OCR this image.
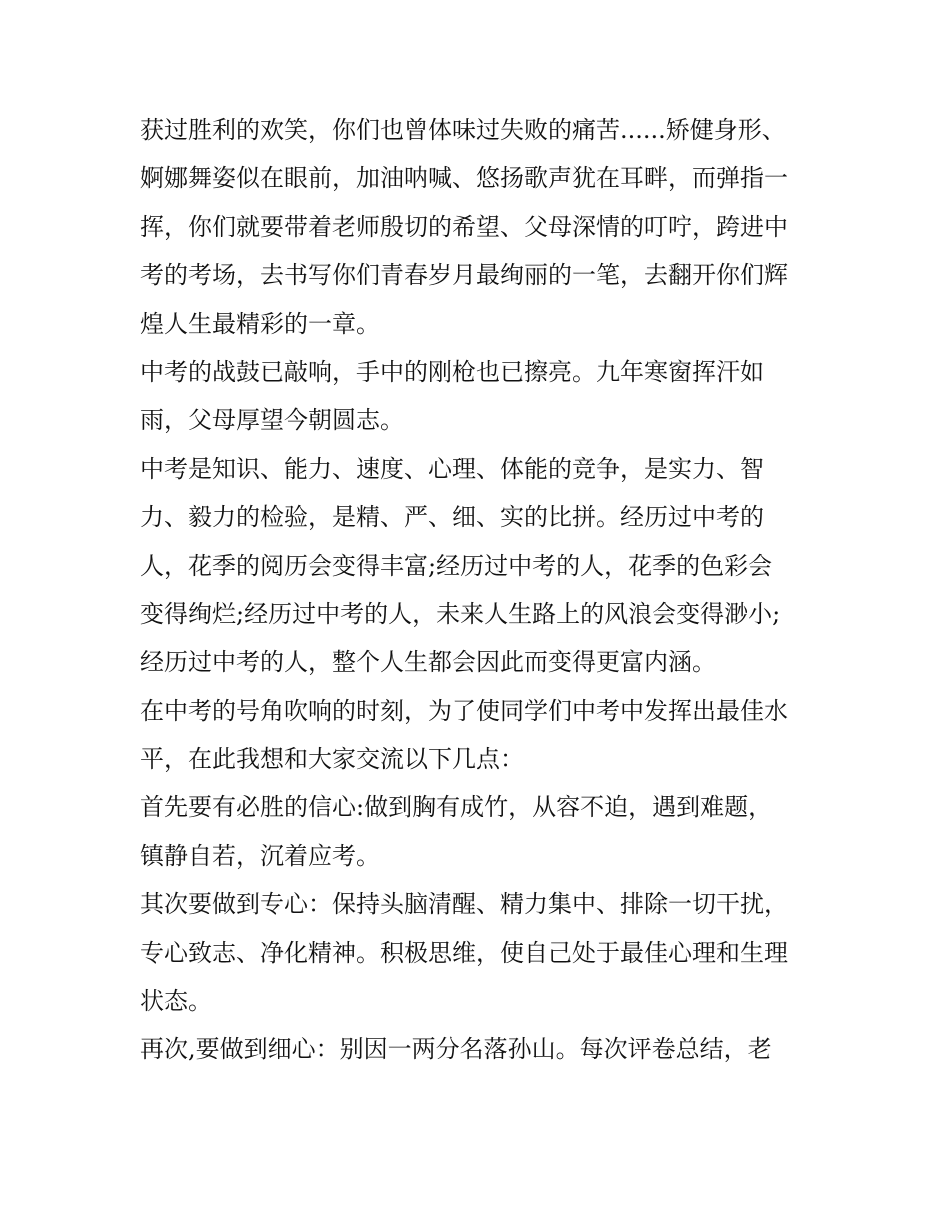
获过胜利的欢笑，你们也曾体味过失败的痛苦......矫健身形、
婀娜舞姿似在眼前，加油呐喊、悠扬歌声犹在耳畔，而弹指一
挥，你们就要带着老师殷切的希望、父母深情的叮咛，跨进中
考的考场，去书写你们青春岁月最绚丽的一笔，去翻开你们辉
煌人生最精彩的一章。
中考的战鼓已敲响，手中的刚枪也已擦亮。九年寒窗挥汗如
雨，父母厚望今朝圆志。
中考是知识、能力、速度、心理、体能的竞争，是实力、智
力、毅力的检验，是精、严、细、实的比拼。经历过中考的
人，花季的阅历会变得丰富;经历过中考的人，花季的色彩会
变得绚烂;经历过中考的人，未来人生路上的风浪会变得渺小;
经历过中考的人，整个人生都会因此而变得更富内涵。
在中考的号角吹响的时刻，为了使同学们中考中发挥出最佳水
平，在此我想和大家交流以下几点：
首先要有必胜的信心:做到胸有成竹，从容不迫，遇到难题，
镇静自若，沉着应考。
其次要做到专心：保持头脑清醒、精力集中、排除一切干扰，
专心致志、净化精神。积极思维，使自己处于最佳心理和生理
状态。
再次,要做到细心：别因一两分名落孙山。每次评卷总结，老
